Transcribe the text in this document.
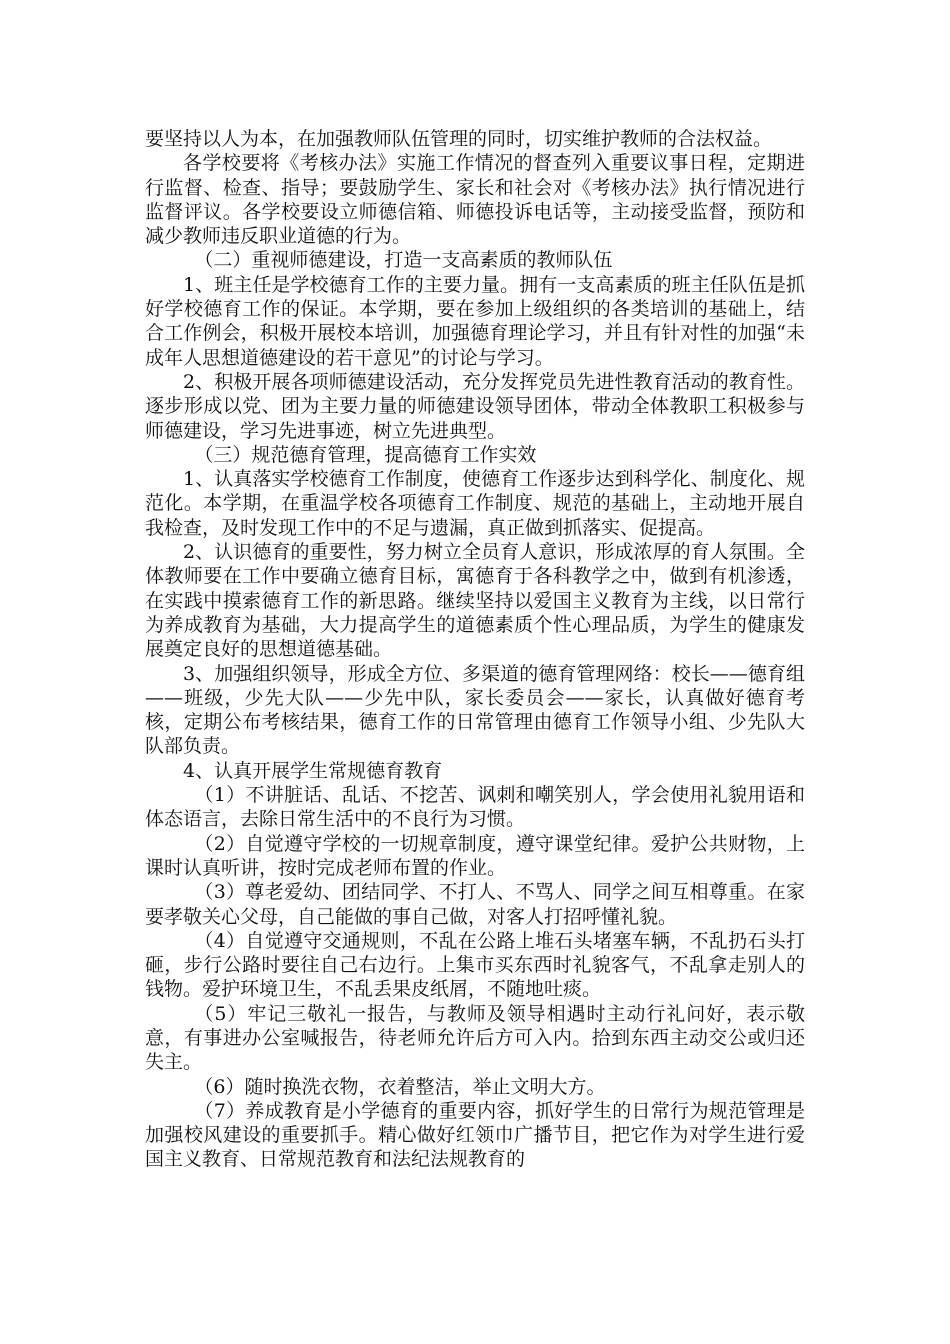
要坚持以人为本，在加强教师队伍管理的同时，切实维护教师的合法权益。

各学校要将《考核办法》实施工作情况的督查列入重要议事日程，定期进行监督、检查、指导；要鼓励学生、家长和社会对《考核办法》执行情况进行监督评议。各学校要设立师德信箱、师德投诉电话等，主动接受监督，预防和减少教师违反职业道德的行为。

（二）重视师德建设，打造一支高素质的教师队伍

1、班主任是学校德育工作的主要力量。拥有一支高素质的班主任队伍是抓好学校德育工作的保证。本学期，要在参加上级组织的各类培训的基础上，结合工作例会，积极开展校本培训，加强德育理论学习，并且有针对性的加强“未成年人思想道德建设的若干意见”的讨论与学习。

2、积极开展各项师德建设活动，充分发挥党员先进性教育活动的教育性。逐步形成以党、团为主要力量的师德建设领导团体，带动全体教职工积极参与师德建设，学习先进事迹，树立先进典型。

（三）规范德育管理，提高德育工作实效

1、认真落实学校德育工作制度，使德育工作逐步达到科学化、制度化、规范化。本学期，在重温学校各项德育工作制度、规范的基础上，主动地开展自我检查，及时发现工作中的不足与遗漏，真正做到抓落实、促提高。

2、认识德育的重要性，努力树立全员育人意识，形成浓厚的育人氛围。全体教师要在工作中要确立德育目标，寓德育于各科教学之中，做到有机渗透，在实践中摸索德育工作的新思路。继续坚持以爱国主义教育为主线，以日常行为养成教育为基础，大力提高学生的道德素质个性心理品质，为学生的健康发展奠定良好的思想道德基础。

3、加强组织领导，形成全方位、多渠道的德育管理网络：校长——德育组——班级，少先大队——少先中队，家长委员会——家长，认真做好德育考核，定期公布考核结果，德育工作的日常管理由德育工作领导小组、少先队大队部负责。

4、认真开展学生常规德育教育

（1）不讲脏话、乱话、不挖苦、讽刺和嘲笑别人，学会使用礼貌用语和体态语言，去除日常生活中的不良行为习惯。

（2）自觉遵守学校的一切规章制度，遵守课堂纪律。爱护公共财物，上课时认真听讲，按时完成老师布置的作业。

（3）尊老爱幼、团结同学、不打人、不骂人、同学之间互相尊重。在家要孝敬关心父母，自己能做的事自己做，对客人打招呼懂礼貌。

（4）自觉遵守交通规则，不乱在公路上堆石头堵塞车辆，不乱扔石头打砸，步行公路时要往自己右边行。上集市买东西时礼貌客气，不乱拿走别人的钱物。爱护环境卫生，不乱丢果皮纸屑，不随地吐痰。

（5）牢记三敬礼一报告，与教师及领导相遇时主动行礼问好，表示敬意，有事进办公室喊报告，待老师允许后方可入内。拾到东西主动交公或归还失主。

（6）随时换洗衣物，衣着整洁，举止文明大方。

（7）养成教育是小学德育的重要内容，抓好学生的日常行为规范管理是加强校风建设的重要抓手。精心做好红领巾广播节目，把它作为对学生进行爱国主义教育、日常规范教育和法纪法规教育的
